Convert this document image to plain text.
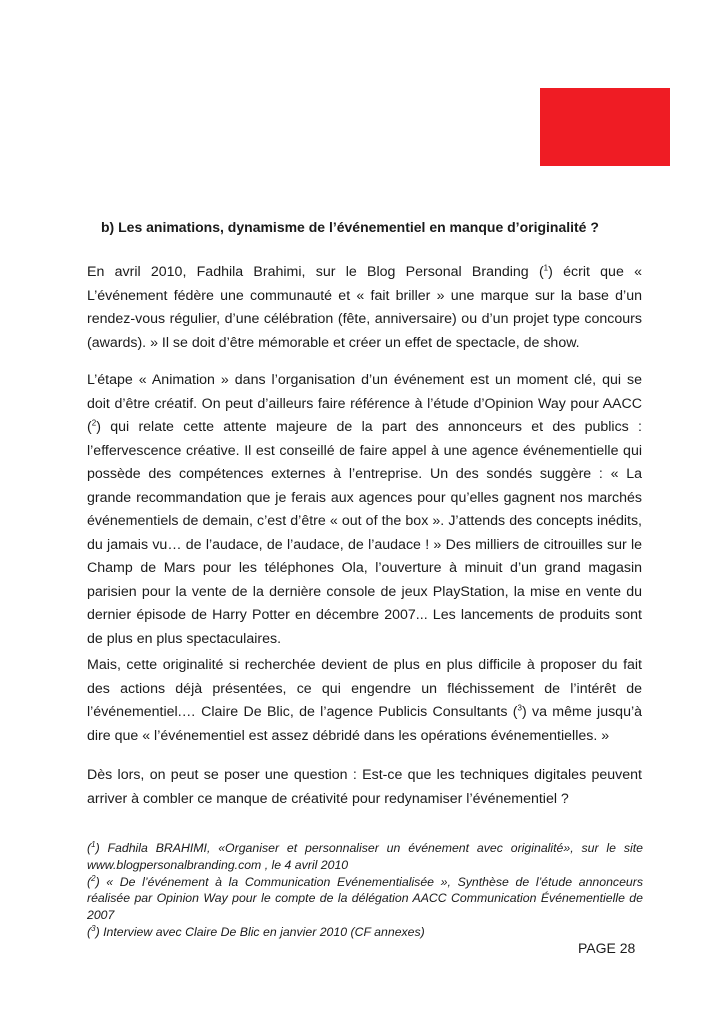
b) Les animations, dynamisme de l’événementiel en manque d’originalité ?

En avril 2010, Fadhila Brahimi, sur le Blog Personal Branding ($^1$) écrit que « L’événement fédère une communauté et « fait briller » une marque sur la base d’un rendez-vous régulier, d’une célébration (fête, anniversaire) ou d’un projet type concours (awards). » Il se doit d’être mémorable et créer un effet de spectacle, de show.

L’étape « Animation » dans l’organisation d’un événement est un moment clé, qui se doit d’être créatif. On peut d’ailleurs faire référence à l’étude d’Opinion Way pour AACC ($^2$) qui relate cette attente majeure de la part des annonceurs et des publics : l’effervescence créative. Il est conseillé de faire appel à une agence événementielle qui possède des compétences externes à l’entreprise. Un des sondés suggère : « La grande recommandation que je ferais aux agences pour qu’elles gagnent nos marchés événementiels de demain, c’est d’être « out of the box ». J’attends des concepts inédits, du jamais vu… de l’audace, de l’audace, de l’audace ! » Des milliers de citrouilles sur le Champ de Mars pour les téléphones Ola, l’ouverture à minuit d’un grand magasin parisien pour la vente de la dernière console de jeux PlayStation, la mise en vente du dernier épisode de Harry Potter en décembre 2007... Les lancements de produits sont de plus en plus spectaculaires.

Mais, cette originalité si recherchée devient de plus en plus difficile à proposer du fait des actions déjà présentées, ce qui engendre un fléchissement de l’intérêt de l’événementiel.… Claire De Blic, de l’agence Publicis Consultants ($^3$) va même jusqu’à dire que « l’événementiel est assez débridé dans les opérations événementielles. »

Dès lors, on peut se poser une question : Est-ce que les techniques digitales peuvent arriver à combler ce manque de créativité pour redynamiser l’événementiel ?

($^1$) Fadhila BRAHIMI, «Organiser et personnaliser un événement avec originalité», sur le site www.blogpersonalbranding.com , le 4 avril 2010

($^2$) « De l’événement à la Communication Evénementialisée », Synthèse de l’étude annonceurs réalisée par Opinion Way pour le compte de la délégation AACC Communication Événementielle de 2007

($^3$) Interview avec Claire De Blic en janvier 2010 (CF annexes)

PAGE 28
